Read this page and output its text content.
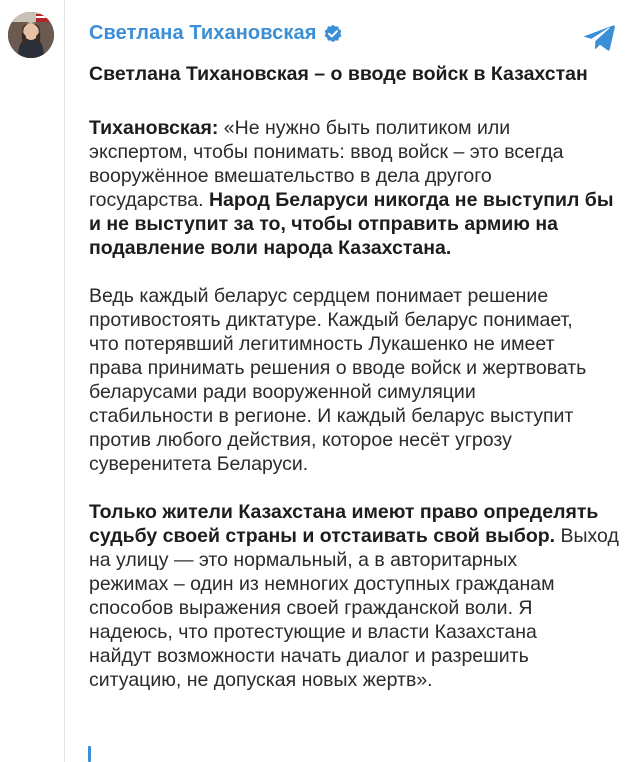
Светлана Тихановская
Светлана Тихановская – о вводе войск в Казахстан

Тихановская: «Не нужно быть политиком или
экспертом, чтобы понимать: ввод войск – это всегда
вооружённое вмешательство в дела другого
государства. Народ Беларуси никогда не выступил бы
и не выступит за то, чтобы отправить армию на
подавление воли народа Казахстана.

Ведь каждый беларус сердцем понимает решение
противостоять диктатуре. Каждый беларус понимает,
что потерявший легитимность Лукашенко не имеет
права принимать решения о вводе войск и жертвовать
беларусами ради вооруженной симуляции
стабильности в регионе. И каждый беларус выступит
против любого действия, которое несёт угрозу
суверенитета Беларуси.

Только жители Казахстана имеют право определять
судьбу своей страны и отстаивать свой выбор. Выход
на улицу — это нормальный, а в авторитарных
режимах – один из немногих доступных гражданам
способов выражения своей гражданской воли. Я
надеюсь, что протестующие и власти Казахстана
найдут возможности начать диалог и разрешить
ситуацию, не допуская новых жертв».
